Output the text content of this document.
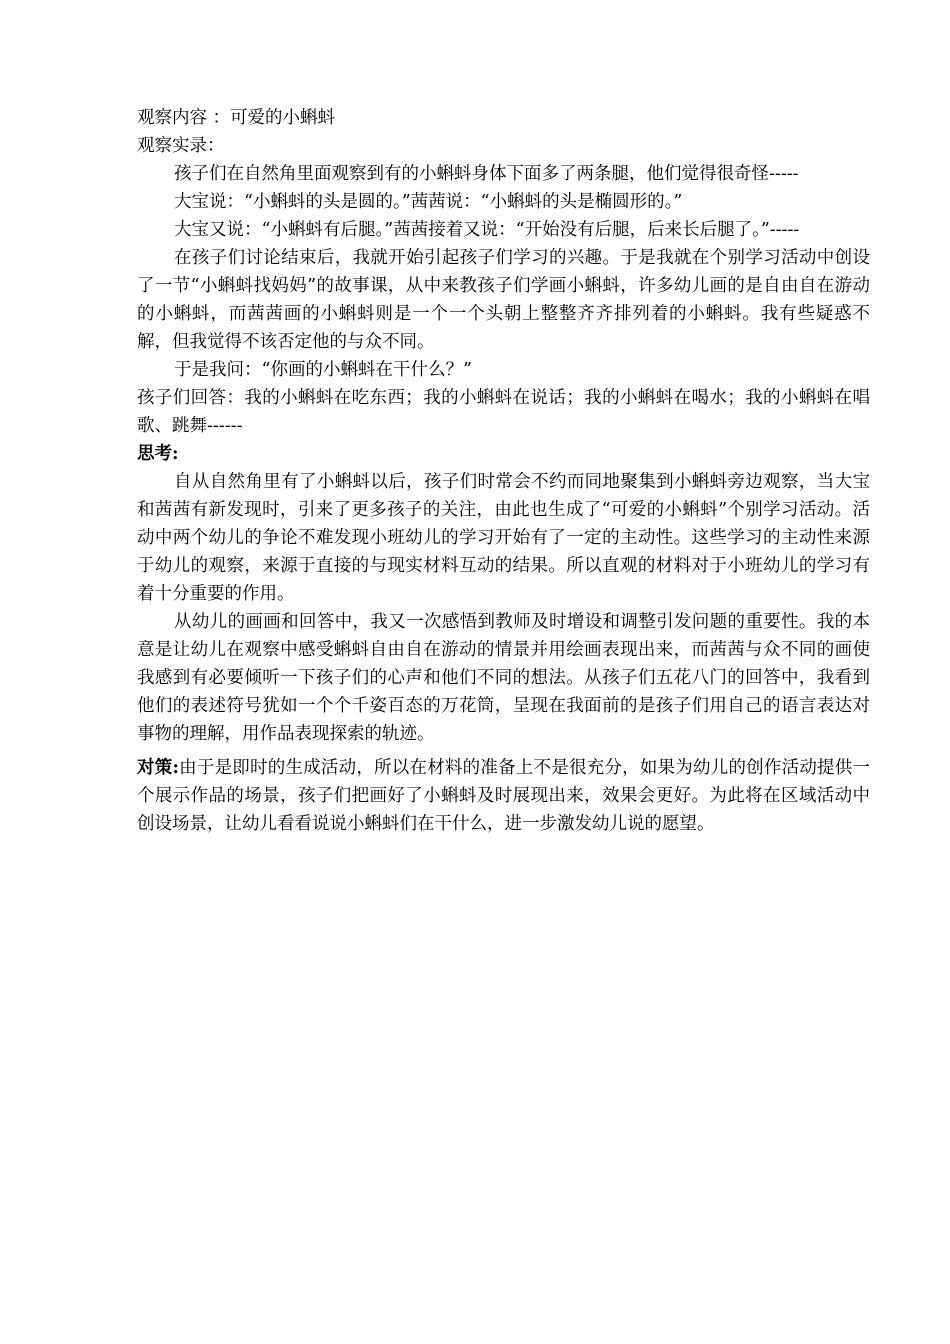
观察内容 ：可爱的小蝌蚪

观察实录：

孩子们在自然角里面观察到有的小蝌蚪身体下面多了两条腿，他们觉得很奇怪-----

大宝说：“小蝌蚪的头是圆的。”茜茜说：“小蝌蚪的头是椭圆形的。”

大宝又说：“小蝌蚪有后腿。”茜茜接着又说：“开始没有后腿，后来长后腿了。”-----

在孩子们讨论结束后，我就开始引起孩子们学习的兴趣。于是我就在个别学习活动中创设了一节“小蝌蚪找妈妈”的故事课，从中来教孩子们学画小蝌蚪，许多幼儿画的是自由自在游动的小蝌蚪，而茜茜画的小蝌蚪则是一个一个头朝上整整齐齐排列着的小蝌蚪。我有些疑惑不解，但我觉得不该否定他的与众不同。

于是我问：“你画的小蝌蚪在干什么？”

孩子们回答：我的小蝌蚪在吃东西；我的小蝌蚪在说话；我的小蝌蚪在喝水；我的小蝌蚪在唱歌、跳舞------

思考:

自从自然角里有了小蝌蚪以后，孩子们时常会不约而同地聚集到小蝌蚪旁边观察，当大宝和茜茜有新发现时，引来了更多孩子的关注，由此也生成了“可爱的小蝌蚪”个别学习活动。活动中两个幼儿的争论不难发现小班幼儿的学习开始有了一定的主动性。这些学习的主动性来源于幼儿的观察，来源于直接的与现实材料互动的结果。所以直观的材料对于小班幼儿的学习有着十分重要的作用。

从幼儿的画画和回答中，我又一次感悟到教师及时增设和调整引发问题的重要性。我的本意是让幼儿在观察中感受蝌蚪自由自在游动的情景并用绘画表现出来，而茜茜与众不同的画使我感到有必要倾听一下孩子们的心声和他们不同的想法。从孩子们五花八门的回答中，我看到他们的表述符号犹如一个个千姿百态的万花筒，呈现在我面前的是孩子们用自己的语言表达对事物的理解，用作品表现探索的轨迹。

对策:由于是即时的生成活动，所以在材料的准备上不是很充分，如果为幼儿的创作活动提供一个展示作品的场景，孩子们把画好了小蝌蚪及时展现出来，效果会更好。为此将在区域活动中创设场景，让幼儿看看说说小蝌蚪们在干什么，进一步激发幼儿说的愿望。
